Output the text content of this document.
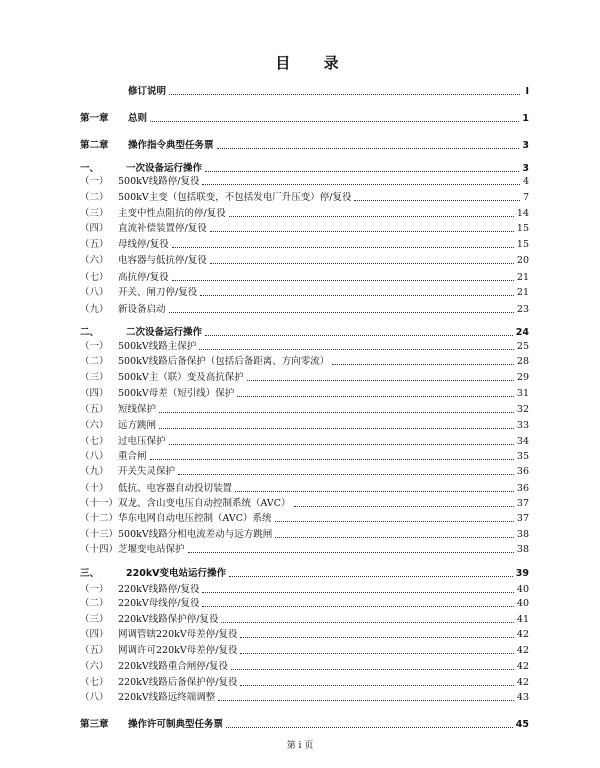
目 录
修订说明	I
第一章	总则	1
第二章	操作指令典型任务票	3
一、	一次设备运行操作	3
（一） 500kV线路停/复役	4
（二） 500kV主变（包括联变，不包括发电厂升压变）停/复役	7
（三） 主变中性点阻抗的停/复役	14
（四） 直流补偿装置停/复役	15
（五） 母线停/复役	15
（六） 电容器与低抗停/复役	20
（七） 高抗停/复役	21
（八） 开关、闸刀停/复役	21
（九） 新设备启动	23
二、	二次设备运行操作	24
（一） 500kV线路主保护	25
（二） 500kV线路后备保护（包括后备距离、方向零流）	28
（三） 500kV主（联）变及高抗保护	29
（四） 500kV母差（短引线）保护	31
（五） 短线保护	32
（六） 远方跳闸	33
（七） 过电压保护	34
（八） 重合闸	35
（九） 开关失灵保护	36
（十） 低抗、电容器自动投切装置	36
（十一） 双龙、含山变电压自动控制系统（AVC）	37
（十二） 华东电网自动电压控制（AVC）系统	37
（十三） 500kV线路分相电流差动与远方跳闸	38
（十四） 芝堰变电站保护	38
三、	220kV变电站运行操作	39
（一） 220kV线路停/复役	40
（二） 220kV母线停/复役	40
（三） 220kV线路保护停/复役	41
（四） 网调管辖220kV母差停/复役	42
（五） 网调许可220kV母差停/复役	42
（六） 220kV线路重合闸停/复役	42
（七） 220kV线路后备保护停/复役	42
（八） 220kV线路远终端调整	43
第三章	操作许可制典型任务票	45
第 i 页
